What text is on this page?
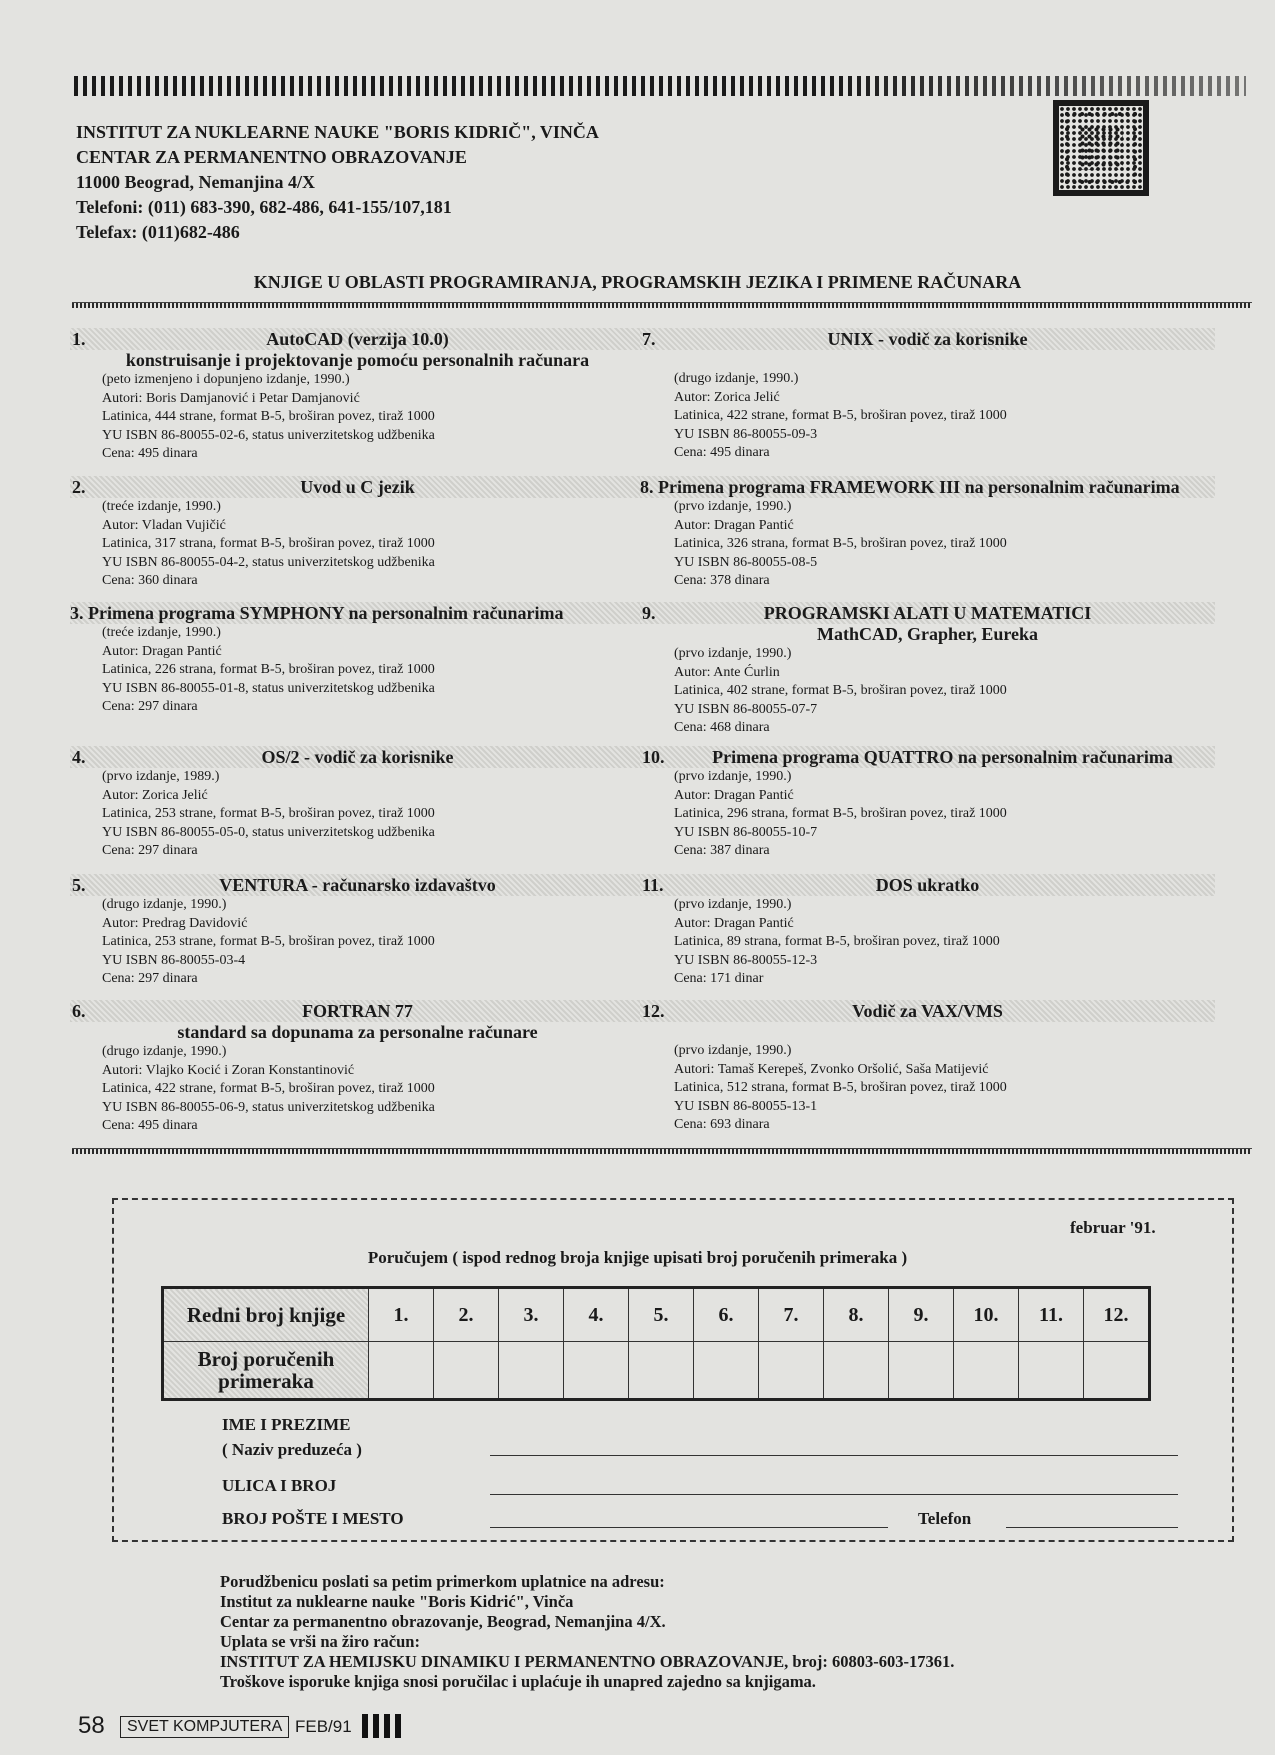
INSTITUT ZA NUKLEARNE NAUKE "BORIS KIDRIČ", VINČA
CENTAR ZA PERMANENTNO OBRAZOVANJE
11000 Beograd, Nemanjina 4/X
Telefoni: (011) 683-390, 682-486, 641-155/107,181
Telefax: (011)682-486
KNJIGE U OBLASTI PROGRAMIRANJA, PROGRAMSKIH JEZIKA I PRIMENE RAČUNARA
1.	AutoCAD (verzija 10.0)
konstruisanje i projektovanje pomoću personalnih računara
(peto izmenjeno i dopunjeno izdanje, 1990.)
Autori: Boris Damjanović i Petar Damjanović
Latinica, 444 strane, format B-5, broširan povez, tiraž 1000
YU ISBN 86-80055-02-6, status univerzitetskog udžbenika
Cena: 495 dinara
2.	Uvod u C jezik
(treće izdanje, 1990.)
Autor: Vladan Vujičić
Latinica, 317 strana, format B-5, broširan povez, tiraž 1000
YU ISBN 86-80055-04-2, status univerzitetskog udžbenika
Cena: 360 dinara
3. Primena programa SYMPHONY na personalnim računarima
(treće izdanje, 1990.)
Autor: Dragan Pantić
Latinica, 226 strana, format B-5, broširan povez, tiraž 1000
YU ISBN 86-80055-01-8, status univerzitetskog udžbenika
Cena: 297 dinara
4.	OS/2 - vodič za korisnike
(prvo izdanje, 1989.)
Autor: Zorica Jelić
Latinica, 253 strane, format B-5, broširan povez, tiraž 1000
YU ISBN 86-80055-05-0, status univerzitetskog udžbenika
Cena: 297 dinara
5.	VENTURA - računarsko izdavaštvo
(drugo izdanje, 1990.)
Autor: Predrag Davidović
Latinica, 253 strane, format B-5, broširan povez, tiraž 1000
YU ISBN 86-80055-03-4
Cena: 297 dinara
6.	FORTRAN 77
standard sa dopunama za personalne računare
(drugo izdanje, 1990.)
Autori: Vlajko Kocić i Zoran Konstantinović
Latinica, 422 strane, format B-5, broširan povez, tiraž 1000
YU ISBN 86-80055-06-9, status univerzitetskog udžbenika
Cena: 495 dinara
7.	UNIX - vodič za korisnike
(drugo izdanje, 1990.)
Autor: Zorica Jelić
Latinica, 422 strane, format B-5, broširan povez, tiraž 1000
YU ISBN 86-80055-09-3
Cena: 495 dinara
8. Primena programa FRAMEWORK III na personalnim računarima
(prvo izdanje, 1990.)
Autor: Dragan Pantić
Latinica, 326 strana, format B-5, broširan povez, tiraž 1000
YU ISBN 86-80055-08-5
Cena: 378 dinara
9.	PROGRAMSKI ALATI U MATEMATICI
MathCAD, Grapher, Eureka
(prvo izdanje, 1990.)
Autor: Ante Ćurlin
Latinica, 402 strane, format B-5, broširan povez, tiraž 1000
YU ISBN 86-80055-07-7
Cena: 468 dinara
10.	Primena programa QUATTRO na personalnim računarima
(prvo izdanje, 1990.)
Autor: Dragan Pantić
Latinica, 296 strana, format B-5, broširan povez, tiraž 1000
YU ISBN 86-80055-10-7
Cena: 387 dinara
11.	DOS ukratko
(prvo izdanje, 1990.)
Autor: Dragan Pantić
Latinica, 89 strana, format B-5, broširan povez, tiraž 1000
YU ISBN 86-80055-12-3
Cena: 171 dinar
12.	Vodič za VAX/VMS
(prvo izdanje, 1990.)
Autori: Tamaš Kerepeš, Zvonko Oršolić, Saša Matijević
Latinica, 512 strana, format B-5, broširan povez, tiraž 1000
YU ISBN 86-80055-13-1
Cena: 693 dinara
februar '91.
Poručujem ( ispod rednog broja knjige upisati broj poručenih primeraka )
Redni broj knjige	1.	2.	3.	4.	5.	6.	7.	8.	9.	10.	11.	12.
Broj poručenih primeraka												
IME I PREZIME
( Naziv preduzeća )
ULICA I BROJ
BROJ POŠTE I MESTO	Telefon
Porudžbenicu poslati sa petim primerkom uplatnice na adresu:
Institut za nuklearne nauke "Boris Kidrić", Vinča
Centar za permanentno obrazovanje, Beograd, Nemanjina 4/X.
Uplata se vrši na žiro račun:
INSTITUT ZA HEMIJSKU DINAMIKU I PERMANENTNO OBRAZOVANJE, broj: 60803-603-17361.
Troškove isporuke knjiga snosi poručilac i uplaćuje ih unapred zajedno sa knjigama.
58	SVET KOMPJUTERA FEB/91
